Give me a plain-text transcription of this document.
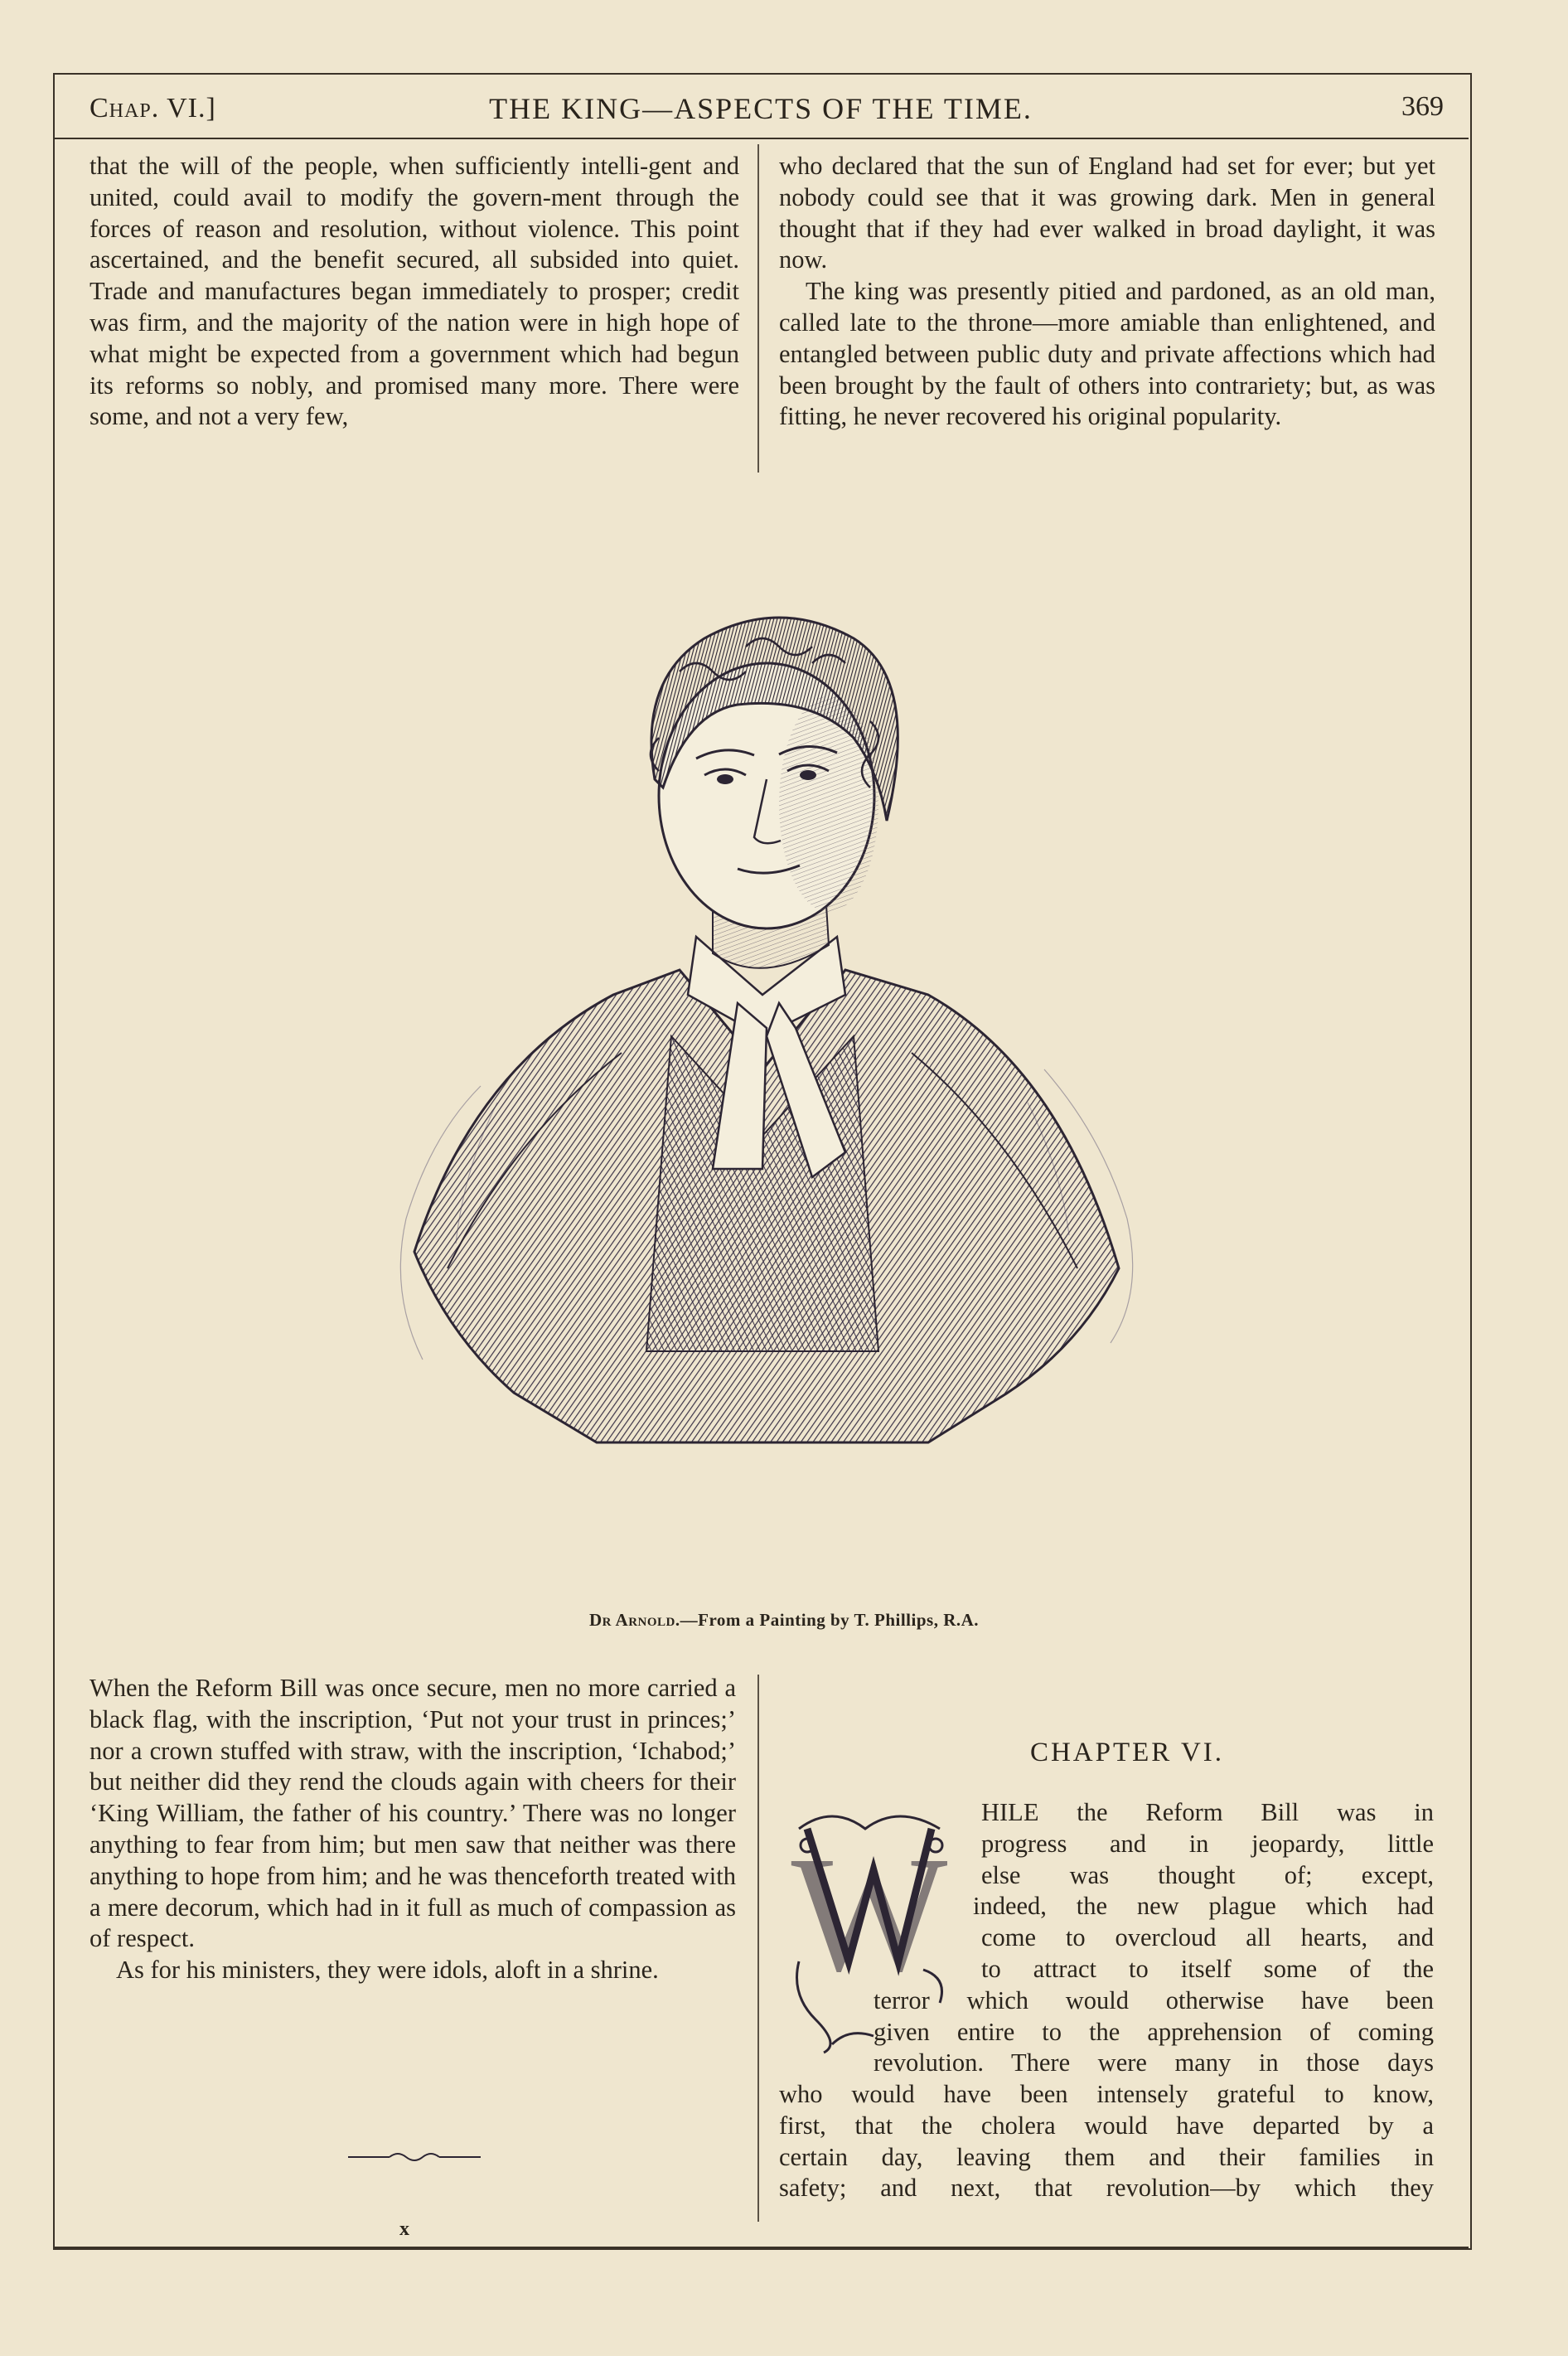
Chap. VI.]	THE KING—ASPECTS OF THE TIME.	369

that the will of the people, when sufficiently intelli-gent and united, could avail to modify the govern-ment through the forces of reason and resolution, without violence. This point ascertained, and the benefit secured, all subsided into quiet. Trade and manufactures began immediately to prosper; credit was firm, and the majority of the nation were in high hope of what might be expected from a government which had begun its reforms so nobly, and promised many more. There were some, and not a very few,

who declared that the sun of England had set for ever; but yet nobody could see that it was growing dark. Men in general thought that if they had ever walked in broad daylight, it was now.

The king was presently pitied and pardoned, as an old man, called late to the throne—more amiable than enlightened, and entangled between public duty and private affections which had been brought by the fault of others into contrariety; but, as was fitting, he never recovered his original popularity.

Dr Arnold.—From a Painting by T. Phillips, R.A.

When the Reform Bill was once secure, men no more carried a black flag, with the inscription, ‘Put not your trust in princes;’ nor a crown stuffed with straw, with the inscription, ‘Ichabod;’ but neither did they rend the clouds again with cheers for their ‘King William, the father of his country.’ There was no longer anything to fear from him; but men saw that neither was there anything to hope from him; and he was thenceforth treated with a mere decorum, which had in it full as much of compassion as of respect.

As for his ministers, they were idols, aloft in a shrine.

CHAPTER VI.
W
HILE the Reform Bill was in
progress and in jeopardy, little
else was thought of; except,
indeed, the new plague which had
come to overcloud all hearts, and
to attract to itself some of the
terror which would otherwise have been
given entire to the apprehension of coming
revolution. There were many in those days
who would have been intensely grateful to know,
first, that the cholera would have departed by a
certain day, leaving them and their families in
safety; and next, that revolution—by which they
x
